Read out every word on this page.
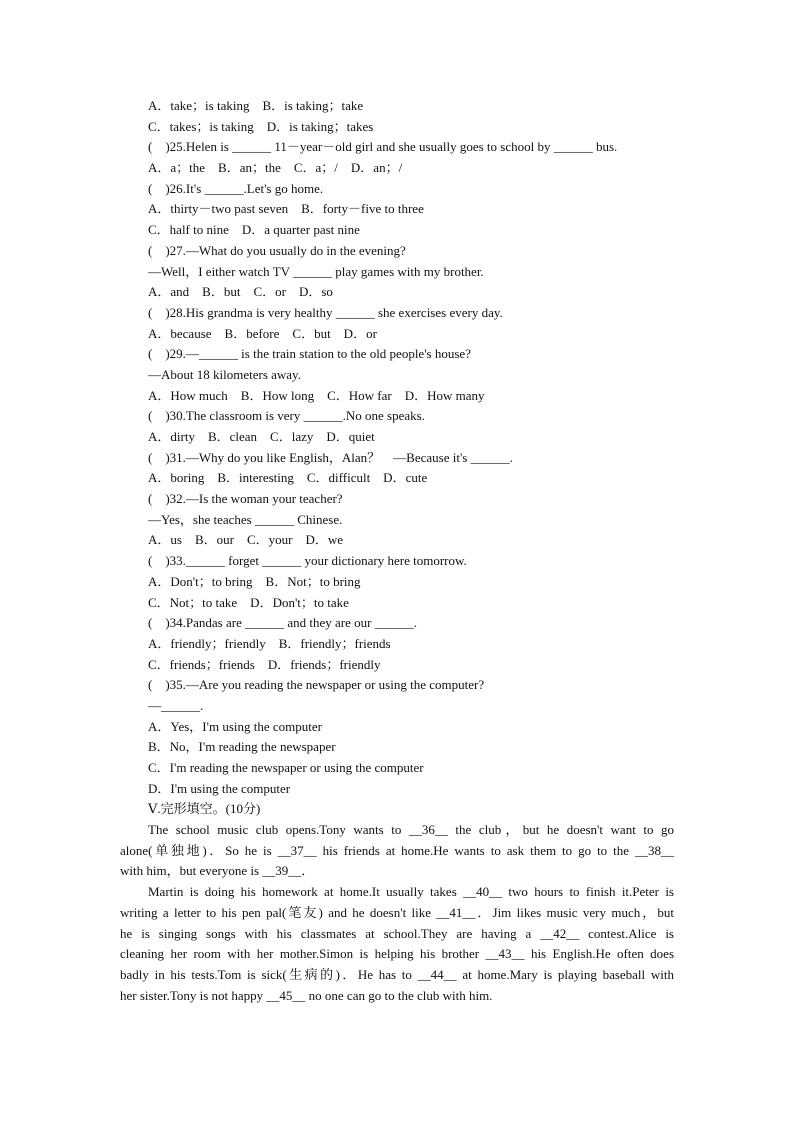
A．take；is taking　B．is taking；take
C．takes；is taking　D．is taking；takes
(　)25.Helen is ______ 11－year－old girl and she usually goes to school by ______ bus.
A．a；the　B．an；the　C．a；/　D．an；/
(　)26.It's ______.Let's go home.
A．thirty－two past seven　B．forty－five to three
C．half to nine　D．a quarter past nine
(　)27.—What do you usually do in the evening?
—Well，I either watch TV ______ play games with my brother.
A．and　B．but　C．or　D．so
(　)28.His grandma is very healthy ______ she exercises every day.
A．because　B．before　C．but　D．or
(　)29.—______ is the train station to the old people's house?
—About 18 kilometers away.
A．How much　B．How long　C．How far　D．How many
(　)30.The classroom is very ______.No one speaks.
A．dirty　B．clean　C．lazy　D．quiet
(　)31.—Why do you like English，Alan？　—Because it's ______.
A．boring　B．interesting　C．difficult　D．cute
(　)32.—Is the woman your teacher?
—Yes，she teaches ______ Chinese.
A．us　B．our　C．your　D．we
(　)33.______ forget ______ your dictionary here tomorrow.
A．Don't；to bring　B．Not；to bring
C．Not；to take　D．Don't；to take
(　)34.Pandas are ______ and they are our ______.
A．friendly；friendly　B．friendly；friends
C．friends；friends　D．friends；friendly
(　)35.—Are you reading the newspaper or using the computer?
—______.
A．Yes，I'm using the computer
B．No，I'm reading the newspaper
C．I'm reading the newspaper or using the computer
D．I'm using the computer
Ⅴ.完形填空。(10分)
The school music club opens.Tony wants to __36__ the club，but he doesn't want to go
alone(单独地)．So he is __37__ his friends at home.He wants to ask them to go to the __38__
with him，but everyone is __39__．
Martin is doing his homework at home.It usually takes __40__ two hours to finish it.Peter is
writing a letter to his pen pal(笔友) and he doesn't like __41__．Jim likes music very much，but
he is singing songs with his classmates at school.They are having a __42__ contest.Alice is
cleaning her room with her mother.Simon is helping his brother __43__ his English.He often does
badly in his tests.Tom is sick(生病的)．He has to __44__ at home.Mary is playing baseball with
her sister.Tony is not happy __45__ no one can go to the club with him.
